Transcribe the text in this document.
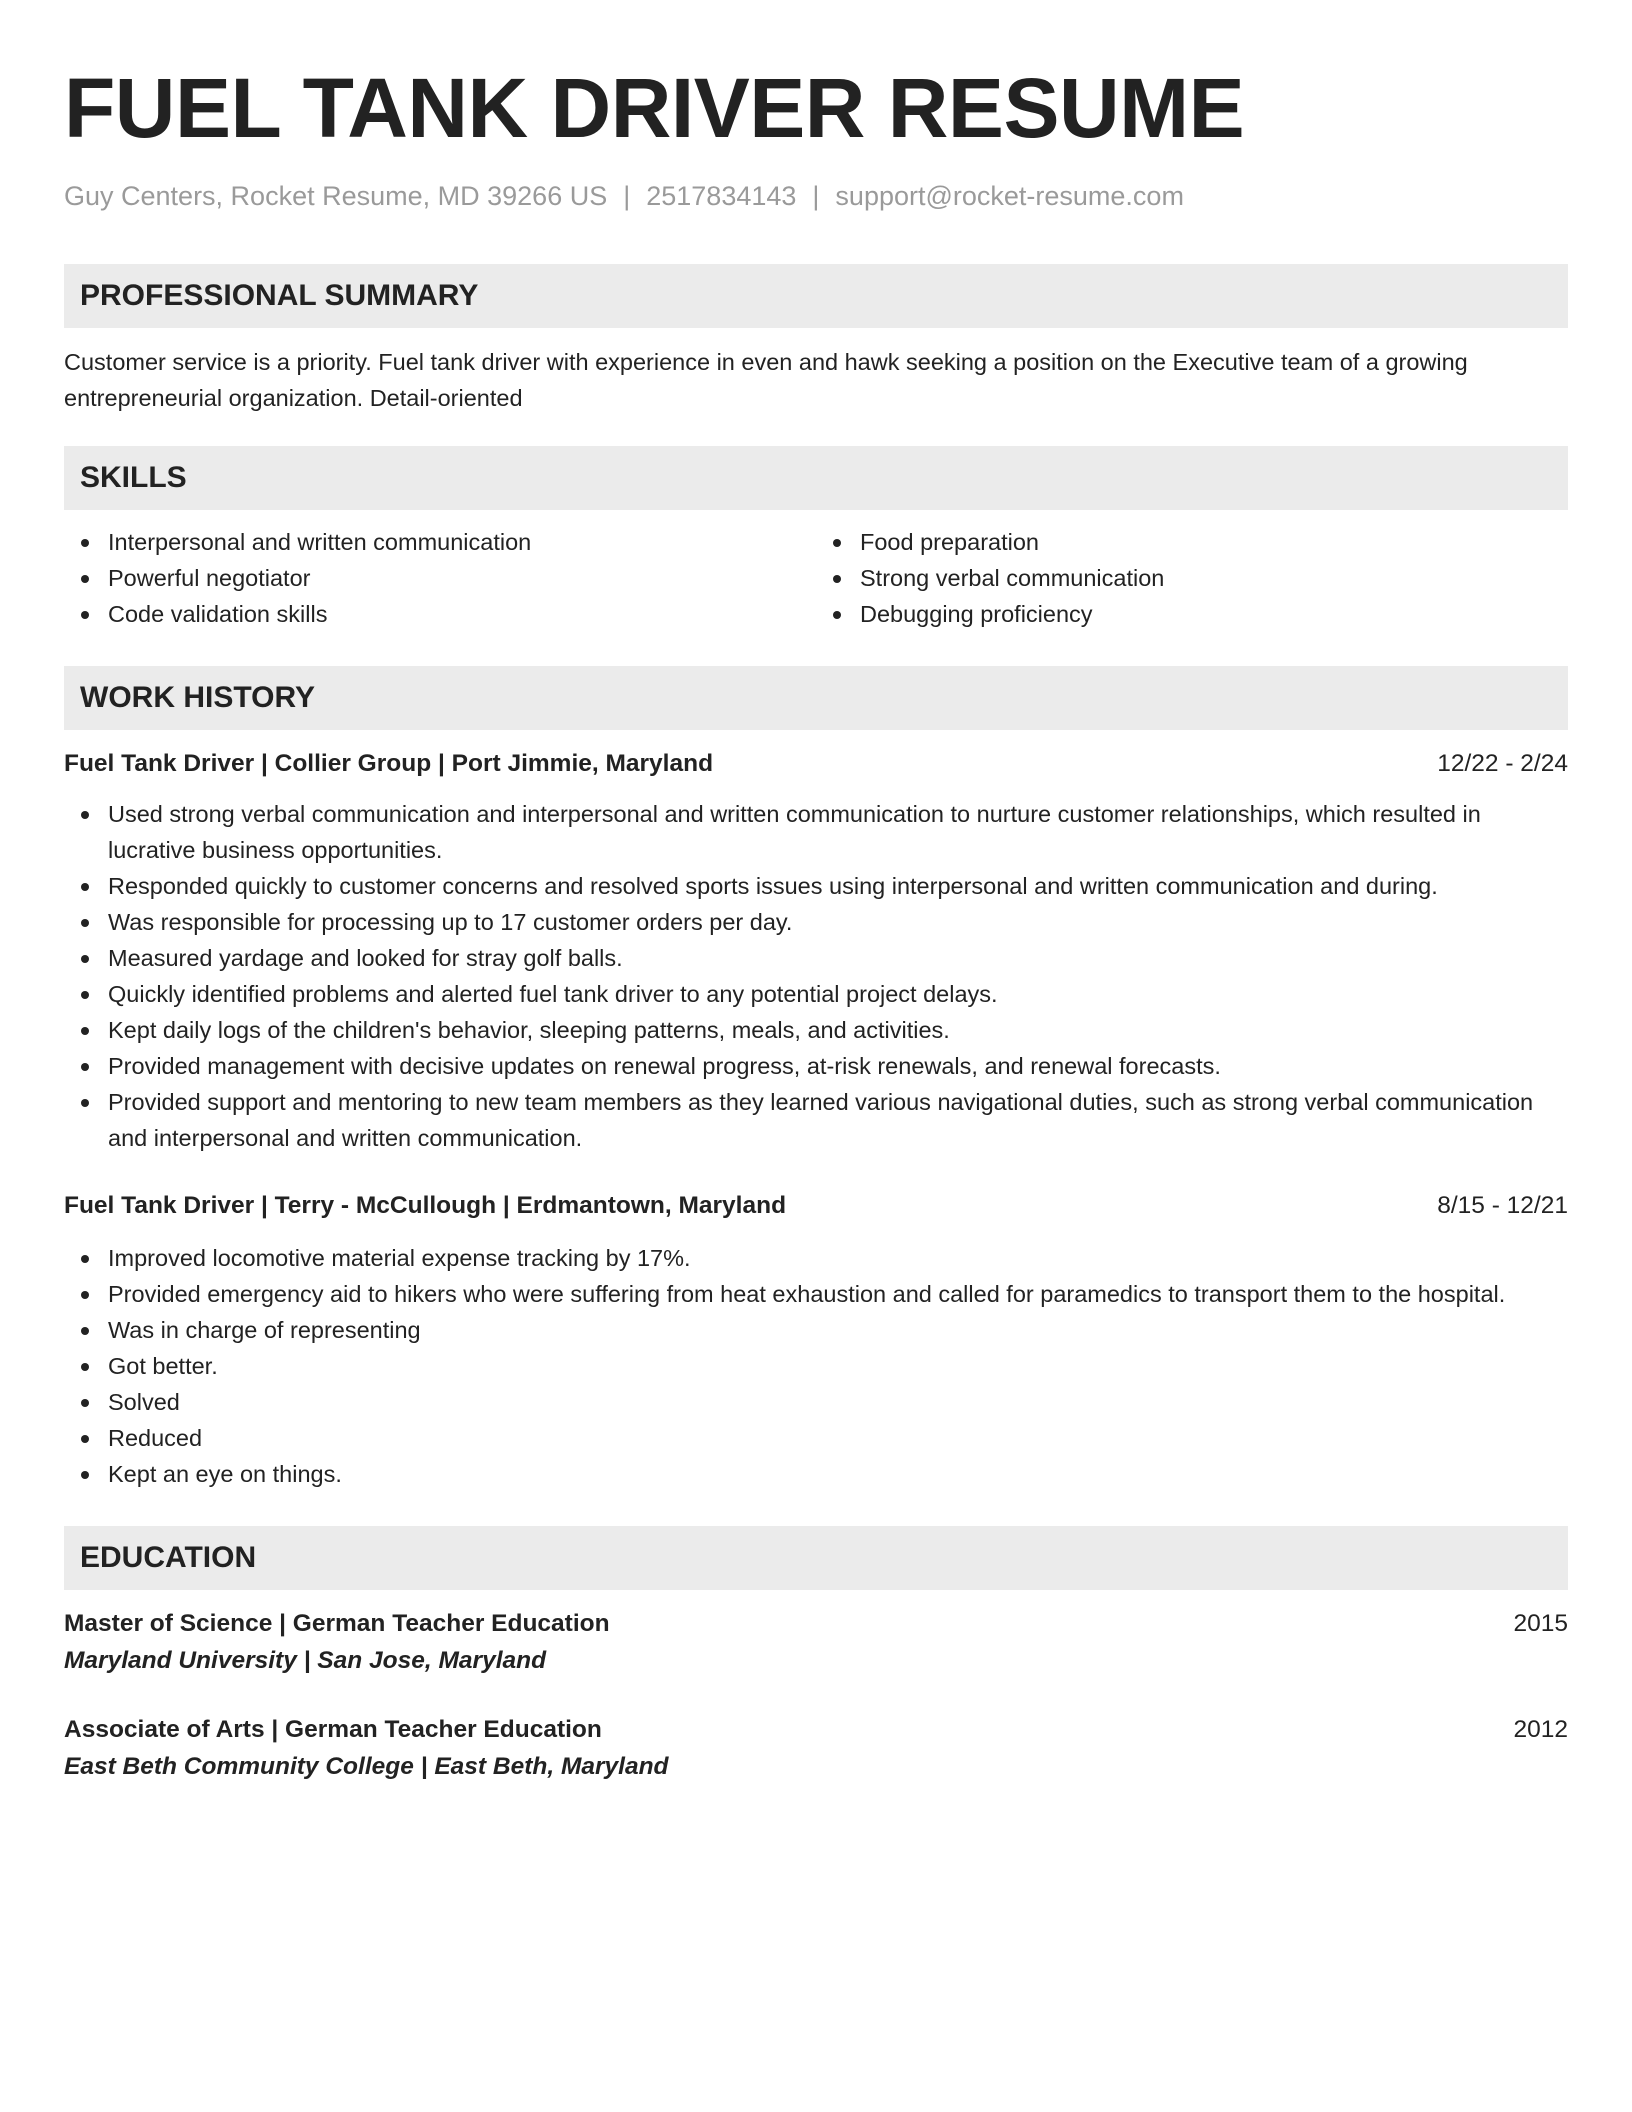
FUEL TANK DRIVER RESUME
Guy Centers, Rocket Resume, MD 39266 US | 2517834143 | support@rocket-resume.com
PROFESSIONAL SUMMARY

Customer service is a priority. Fuel tank driver with experience in even and hawk seeking a position on the Executive team of a growing entrepreneurial organization. Detail-oriented

SKILLS
Interpersonal and written communication
Powerful negotiator
Code validation skills
Food preparation
Strong verbal communication
Debugging proficiency
WORK HISTORY
Fuel Tank Driver | Collier Group | Port Jimmie, Maryland	12/22 - 2/24
Used strong verbal communication and interpersonal and written communication to nurture customer relationships, which resulted in lucrative business opportunities.
Responded quickly to customer concerns and resolved sports issues using interpersonal and written communication and during.
Was responsible for processing up to 17 customer orders per day.
Measured yardage and looked for stray golf balls.
Quickly identified problems and alerted fuel tank driver to any potential project delays.
Kept daily logs of the children's behavior, sleeping patterns, meals, and activities.
Provided management with decisive updates on renewal progress, at-risk renewals, and renewal forecasts.
Provided support and mentoring to new team members as they learned various navigational duties, such as strong verbal communication and interpersonal and written communication.
Fuel Tank Driver | Terry - McCullough | Erdmantown, Maryland	8/15 - 12/21
Improved locomotive material expense tracking by 17%.
Provided emergency aid to hikers who were suffering from heat exhaustion and called for paramedics to transport them to the hospital.
Was in charge of representing
Got better.
Solved
Reduced
Kept an eye on things.
EDUCATION
Master of Science | German Teacher Education	2015
Maryland University | San Jose, Maryland
Associate of Arts | German Teacher Education	2012
East Beth Community College | East Beth, Maryland
